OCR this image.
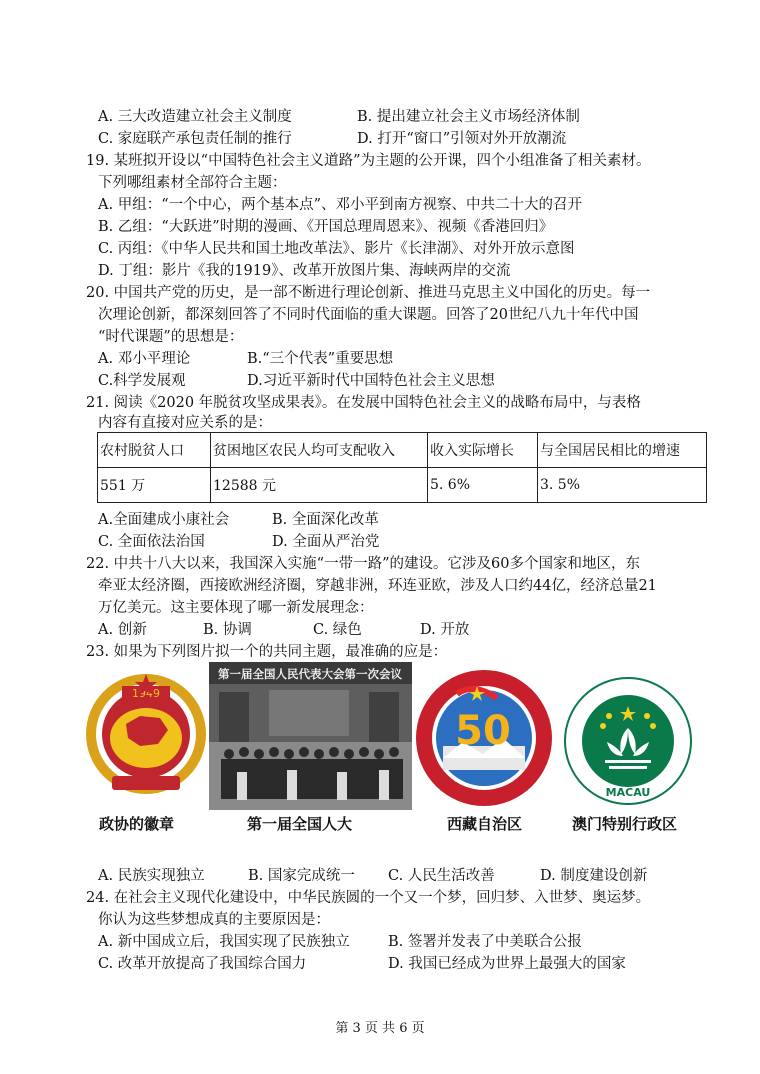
A. 三大改造建立社会主义制度	B. 提出建立社会主义市场经济体制
C. 家庭联产承包责任制的推行	D. 打开“窗口”引领对外开放潮流
19. 某班拟开设以“中国特色社会主义道路”为主题的公开课，四个小组准备了相关素材。
下列哪组素材全部符合主题：
A. 甲组：“一个中心，两个基本点”、邓小平到南方视察、中共二十大的召开
B. 乙组：“大跃进”时期的漫画、《开国总理周恩来》、视频《香港回归》
C. 丙组：《中华人民共和国土地改革法》、影片《长津湖》、对外开放示意图
D. 丁组：影片《我的1919》、改革开放图片集、海峡两岸的交流
20. 中国共产党的历史，是一部不断进行理论创新、推进马克思主义中国化的历史。每一
次理论创新，都深刻回答了不同时代面临的重大课题。回答了20世纪八九十年代中国
“时代课题”的思想是：
A. 邓小平理论	B.“三个代表”重要思想
C.科学发展观	D.习近平新时代中国特色社会主义思想
21. 阅读《2020 年脱贫攻坚成果表》。在发展中国特色社会主义的战略布局中，与表格
内容有直接对应关系的是：
农村脱贫人口	贫困地区农民人均可支配收入	收入实际增长	与全国居民相比的增速
551 万	12588 元	5. 6%	3. 5%
A.全面建成小康社会	B. 全面深化改革
C. 全面依法治国	D. 全面从严治党
22. 中共十八大以来，我国深入实施“一带一路”的建设。它涉及60多个国家和地区，东
牵亚太经济圈，西接欧洲经济圈，穿越非洲，环连亚欧，涉及人口约44亿，经济总量21
万亿美元。这主要体现了哪一新发展理念：
A. 创新	B. 协调	C. 绿色	D. 开放
23. 如果为下列图片拟一个的共同主题，最准确的应是：
1949
政协的徽章
第一届全国人民代表大会第一次会议
第一届全国人大
50
西藏自治区
MACAU
澳门特别行政区
A. 民族实现独立	B. 国家完成统一 C. 人民生活改善	D. 制度建设创新
24. 在社会主义现代化建设中，中华民族圆的一个又一个梦，回归梦、入世梦、奥运梦。
你认为这些梦想成真的主要原因是：
A. 新中国成立后，我国实现了民族独立	B. 签署并发表了中美联合公报
C. 改革开放提高了我国综合国力	D. 我国已经成为世界上最强大的国家
第 3 页 共 6 页
